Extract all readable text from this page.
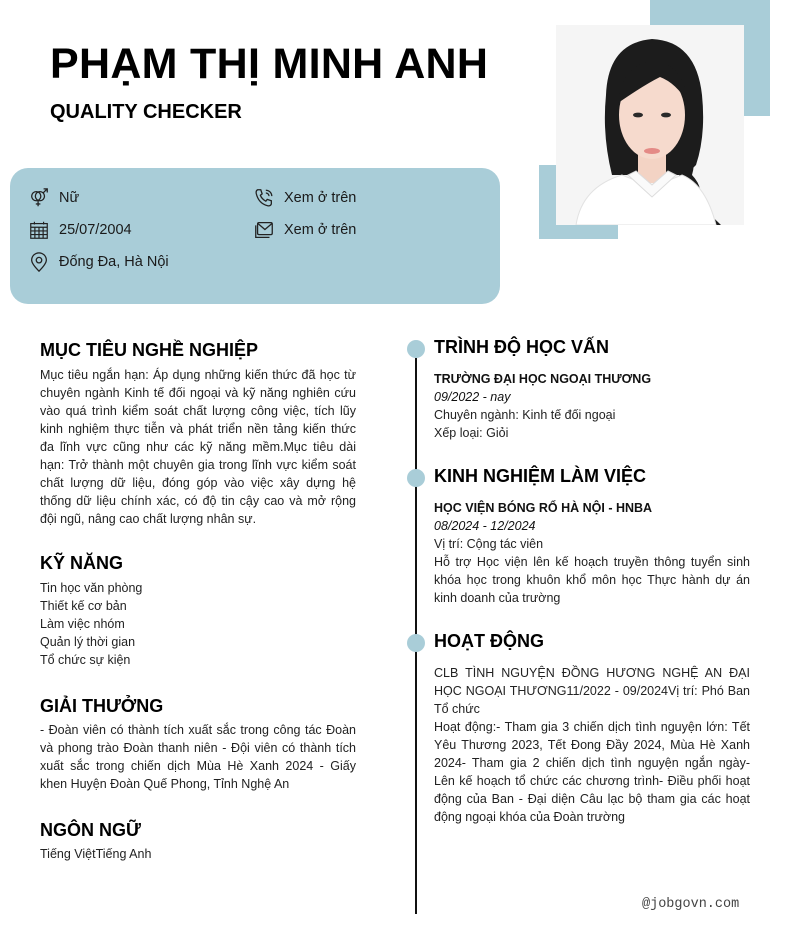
PHẠM THỊ MINH ANH
QUALITY CHECKER
Nữ
25/07/2004
Đống Đa, Hà Nội
Xem ở trên
Xem ở trên
MỤC TIÊU NGHỀ NGHIỆP

Mục tiêu ngắn hạn: Áp dụng những kiến thức đã học từ chuyên ngành Kinh tế đối ngoại và kỹ năng nghiên cứu vào quá trình kiểm soát chất lượng công việc, tích lũy kinh nghiệm thực tiễn và phát triển nền tảng kiến thức đa lĩnh vực cũng như các kỹ năng mềm.Mục tiêu dài hạn: Trở thành một chuyên gia trong lĩnh vực kiểm soát chất lượng dữ liệu, đóng góp vào việc xây dựng hệ thống dữ liệu chính xác, có độ tin cậy cao và mở rộng đội ngũ, nâng cao chất lượng nhân sự.

KỸ NĂNG
Tin học văn phòng
Thiết kế cơ bản
Làm việc nhóm
Quản lý thời gian
Tổ chức sự kiện
GIẢI THƯỞNG

- Đoàn viên có thành tích xuất sắc trong công tác Đoàn và phong trào Đoàn thanh niên - Đội viên có thành tích xuất sắc trong chiến dịch Mùa Hè Xanh 2024 - Giấy khen Huyện Đoàn Quế Phong, Tỉnh Nghệ An

NGÔN NGỮ

Tiếng ViệtTiếng Anh

TRÌNH ĐỘ HỌC VẤN
TRƯỜNG ĐẠI HỌC NGOẠI THƯƠNG
09/2022 - nay
Chuyên ngành: Kinh tế đối ngoại
Xếp loại: Giỏi
KINH NGHIỆM LÀM VIỆC
HỌC VIỆN BÓNG RỔ HÀ NỘI - HNBA
08/2024 - 12/2024
Vị trí: Cộng tác viên
Hỗ trợ Học viện lên kế hoạch truyền thông tuyển sinh khóa học trong khuôn khổ môn học Thực hành dự án kinh doanh của trường
HOẠT ĐỘNG
CLB TÌNH NGUYỆN ĐỒNG HƯƠNG NGHỆ AN ĐẠI HỌC NGOẠI THƯƠNG11/2022 - 09/2024Vị trí: Phó Ban Tổ chức
Hoạt động:- Tham gia 3 chiến dịch tình nguyện lớn: Tết Yêu Thương 2023, Tết Đong Đầy 2024, Mùa Hè Xanh 2024- Tham gia 2 chiến dịch tình nguyện ngắn ngày- Lên kế hoạch tổ chức các chương trình- Điều phối hoạt động của Ban - Đại diện Câu lạc bộ tham gia các hoạt động ngoại khóa của Đoàn trường
@jobgovn.com
